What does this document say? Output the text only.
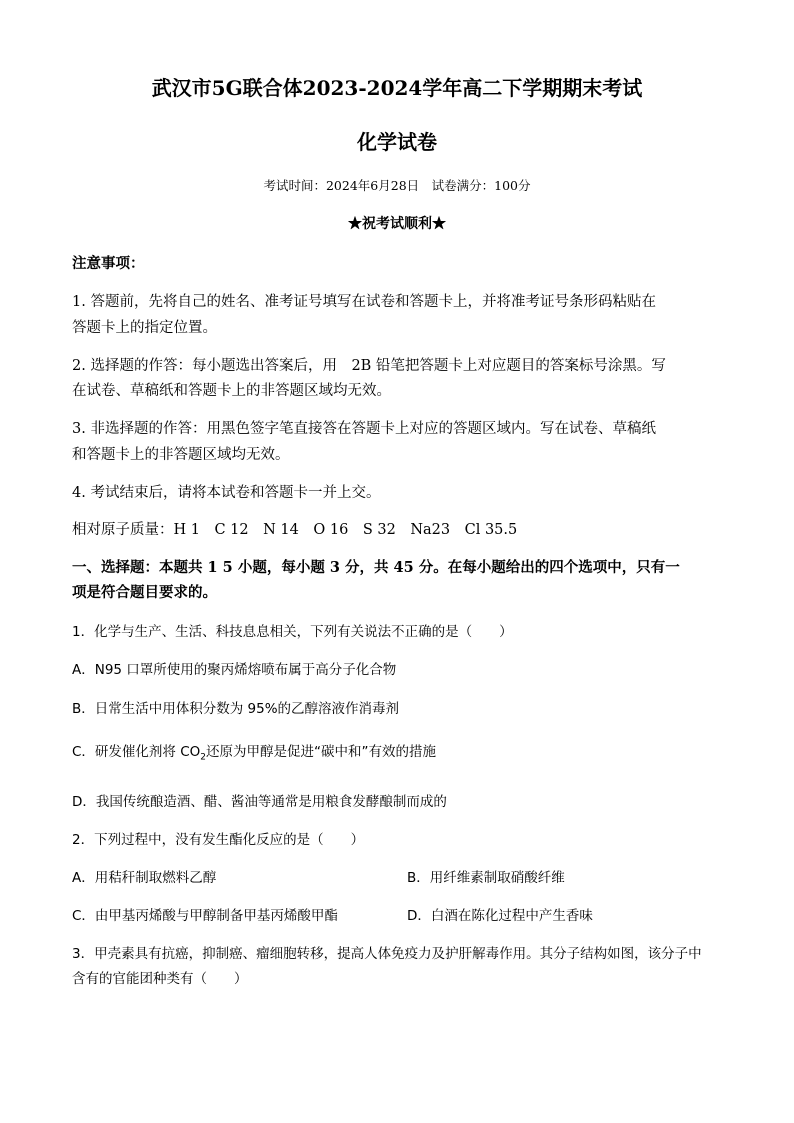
武汉市5G联合体2023-2024学年高二下学期期末考试
化学试卷
考试时间：2024年6月28日　试卷满分：100分
★祝考试顺利★
注意事项：
1. 答题前，先将自己的姓名、准考证号填写在试卷和答题卡上，并将准考证号条形码粘贴在
答题卡上的指定位置。
2. 选择题的作答：每小题选出答案后，用　2B 铅笔把答题卡上对应题目的答案标号涂黑。写
在试卷、草稿纸和答题卡上的非答题区域均无效。
3. 非选择题的作答：用黑色签字笔直接答在答题卡上对应的答题区域内。写在试卷、草稿纸
和答题卡上的非答题区域均无效。
4. 考试结束后，请将本试卷和答题卡一并上交。
相对原子质量：H 1　C 12　N 14　O 16　S 32　Na23　Cl 35.5
一、选择题：本题共 1 5 小题，每小题 3 分，共 45 分。在每小题给出的四个选项中，只有一
项是符合题目要求的。
1．化学与生产、生活、科技息息相关，下列有关说法不正确的是（　　）
A．N95 口罩所使用的聚丙烯熔喷布属于高分子化合物
B．日常生活中用体积分数为 95%的乙醇溶液作消毒剂
C．研发催化剂将 $CO_2$还原为甲醇是促进“碳中和”有效的措施
D．我国传统酿造酒、醋、酱油等通常是用粮食发酵酿制而成的
2．下列过程中，没有发生酯化反应的是（　　）
A．用秸秆制取燃料乙醇	B．用纤维素制取硝酸纤维
C．由甲基丙烯酸与甲醇制备甲基丙烯酸甲酯	D．白酒在陈化过程中产生香味
3．甲壳素具有抗癌，抑制癌、瘤细胞转移，提高人体免疫力及护肝解毒作用。其分子结构如图，该分子中
含有的官能团种类有（　　）
